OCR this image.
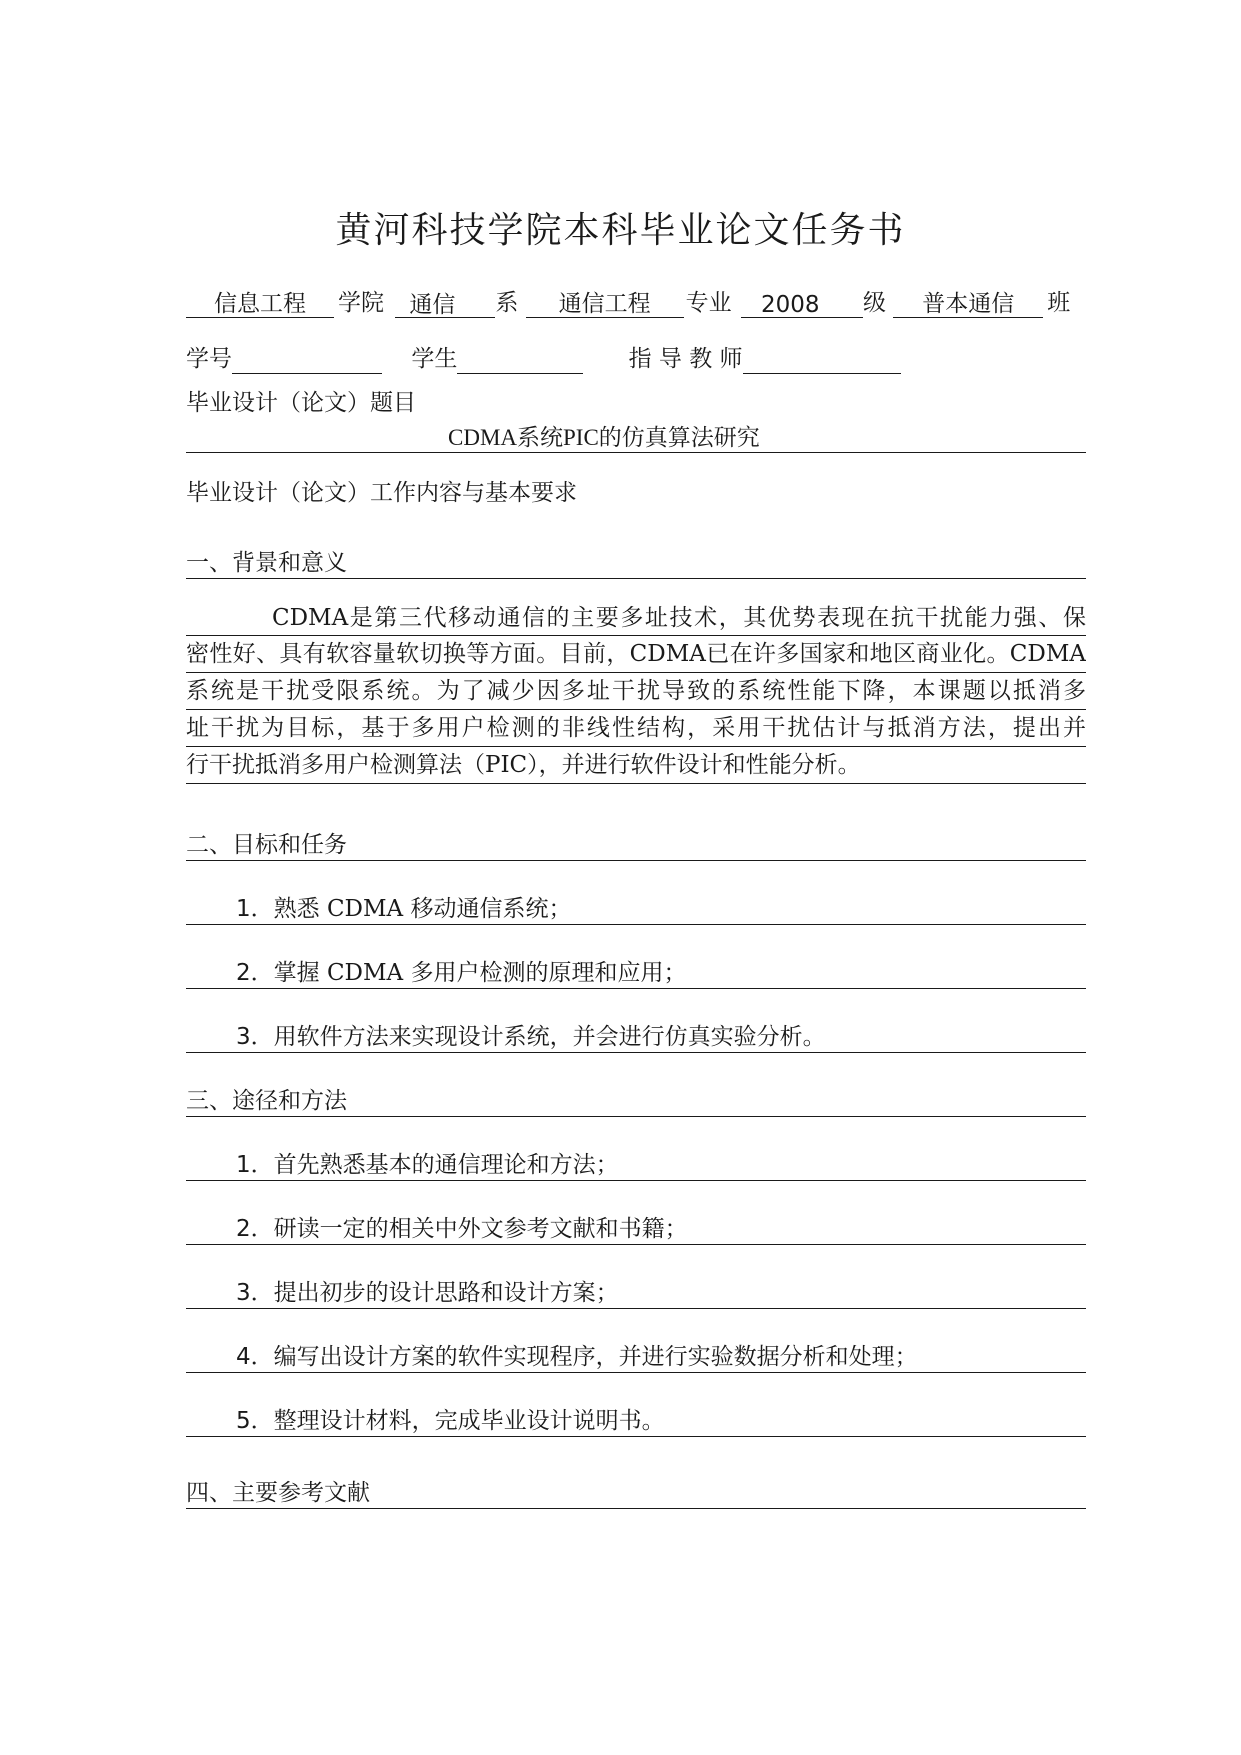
黄河科技学院本科毕业论文任务书
信息工程 学院 通信 系 通信工程 专业 2008 级 普本通信 班
学号	学生	指 导 教 师
毕业设计（论文）题目
CDMA系统PIC的仿真算法研究
毕业设计（论文）工作内容与基本要求
一、背景和意义
CDMA是第三代移动通信的主要多址技术，其优势表现在抗干扰能力强、保
密性好、具有软容量软切换等方面。目前，CDMA已在许多国家和地区商业化。CDMA
系统是干扰受限系统。为了减少因多址干扰导致的系统性能下降，本课题以抵消多
址干扰为目标，基于多用户检测的非线性结构，采用干扰估计与抵消方法，提出并
行干扰抵消多用户检测算法（PIC），并进行软件设计和性能分析。
二、目标和任务
1．熟悉 CDMA 移动通信系统；
2．掌握 CDMA 多用户检测的原理和应用；
3．用软件方法来实现设计系统，并会进行仿真实验分析。
三、途径和方法
1．首先熟悉基本的通信理论和方法；
2．研读一定的相关中外文参考文献和书籍；
3．提出初步的设计思路和设计方案；
4．编写出设计方案的软件实现程序，并进行实验数据分析和处理；
5．整理设计材料，完成毕业设计说明书。
四、主要参考文献
